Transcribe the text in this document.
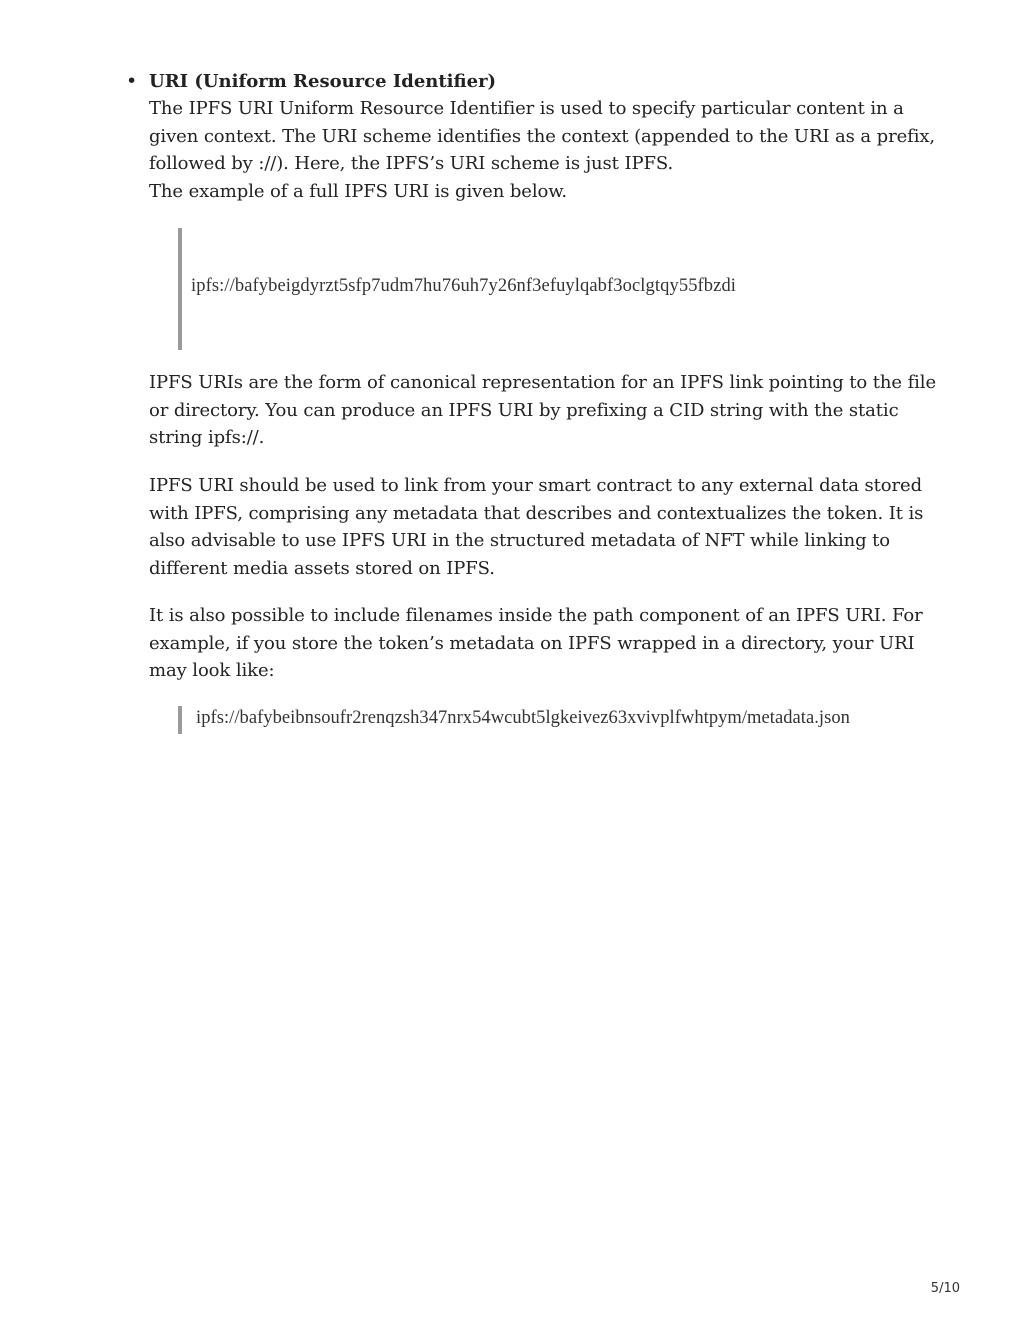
• URI (Uniform Resource Identifier)

The IPFS URI Uniform Resource Identifier is used to specify particular content in a
given context. The URI scheme identifies the context (appended to the URI as a prefix,
followed by ://). Here, the IPFS’s URI scheme is just IPFS.
The example of a full IPFS URI is given below.

ipfs://bafybeigdyrzt5sfp7udm7hu76uh7y26nf3efuylqabf3oclgtqy55fbzdi

IPFS URIs are the form of canonical representation for an IPFS link pointing to the file
or directory. You can produce an IPFS URI by prefixing a CID string with the static
string ipfs://.

IPFS URI should be used to link from your smart contract to any external data stored
with IPFS, comprising any metadata that describes and contextualizes the token. It is
also advisable to use IPFS URI in the structured metadata of NFT while linking to
different media assets stored on IPFS.

It is also possible to include filenames inside the path component of an IPFS URI. For
example, if you store the token’s metadata on IPFS wrapped in a directory, your URI
may look like:

ipfs://bafybeibnsoufr2renqzsh347nrx54wcubt5lgkeivez63xvivplfwhtpym/metadata.json
5/10
